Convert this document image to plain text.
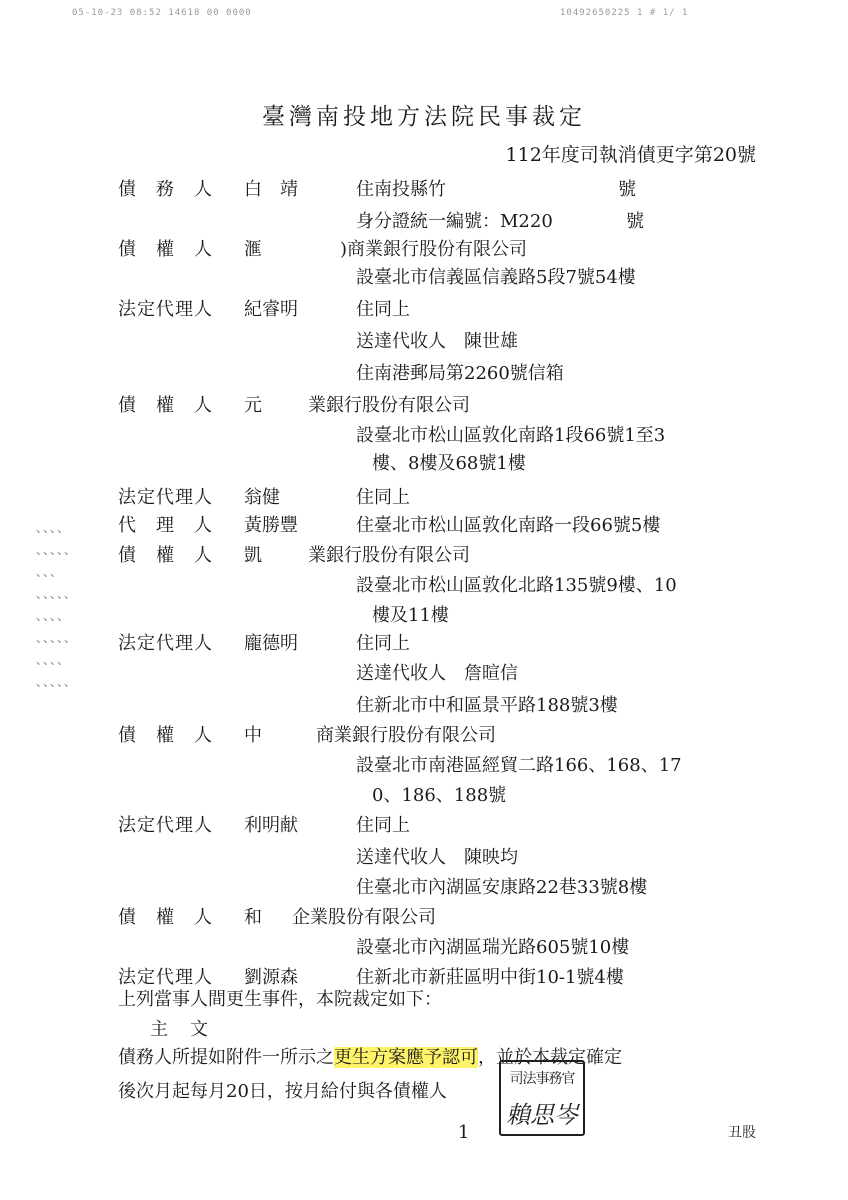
05-10-23 08:52 14618 00 0000	10492650225 1 # 1/ 1
臺灣南投地方法院民事裁定
112年度司執消債更字第20號
債　務　人 白　靖	住南投縣竹	號
身分證統一編號：M220	號
債　權　人 滙	)商業銀行股份有限公司
設臺北市信義區信義路5段7號54樓
法定代理人 紀睿明	住同上
送達代收人　陳世雄
住南港郵局第2260號信箱
債　權　人 元	業銀行股份有限公司
設臺北市松山區敦化南路1段66號1至3
樓、8樓及68號1樓
法定代理人 翁健	住同上
代　理　人 黃勝豐	住臺北市松山區敦化南路一段66號5樓
債　權　人 凱	業銀行股份有限公司
設臺北市松山區敦化北路135號9樓、10
樓及11樓
法定代理人 龐德明	住同上
送達代收人　詹暄信
住新北市中和區景平路188號3樓
債　權　人 中	商業銀行股份有限公司
設臺北市南港區經貿二路166、168、17
0、186、188號
法定代理人 利明献	住同上
送達代收人　陳映均
住臺北市內湖區安康路22巷33號8樓
債　權　人 和 企業股份有限公司
設臺北市內湖區瑞光路605號10樓
法定代理人 劉源森	住新北市新莊區明中街10-1號4樓
、、、、
、、、、、
、、、
、、、、、
、、、、
、、、、、
、、、、
、、、、、
上列當事人間更生事件，本院裁定如下：
主　文
債務人所提如附件一所示之更生方案應予認可，並於本裁定確定
後次月起每月20日，按月給付與各債權人
司法事務官
賴思岑
1	丑股
